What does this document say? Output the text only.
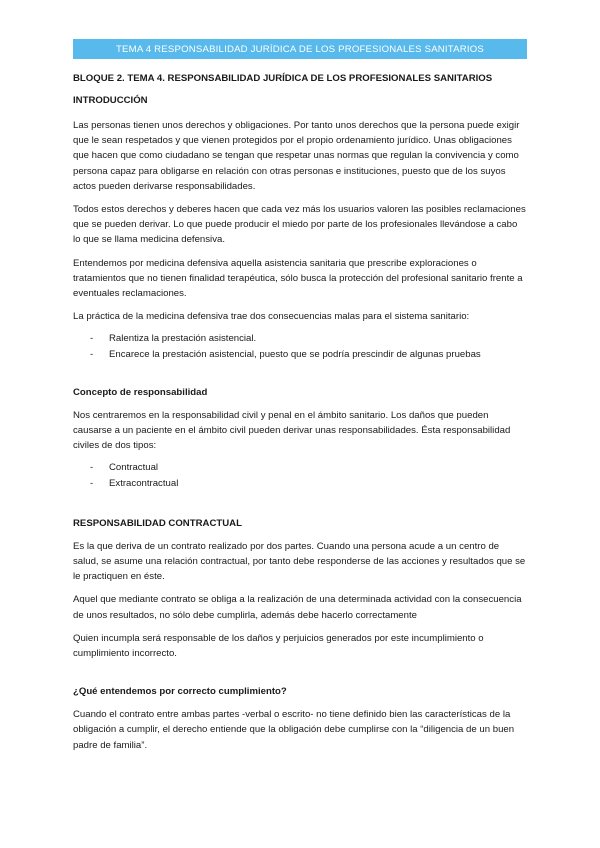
TEMA 4 RESPONSABILIDAD JURÍDICA DE LOS PROFESIONALES SANITARIOS

BLOQUE 2. TEMA 4. RESPONSABILIDAD JURÍDICA DE LOS PROFESIONALES SANITARIOS

INTRODUCCIÓN

Las personas tienen unos derechos y obligaciones. Por tanto unos derechos que la persona puede exigir que le sean respetados y que vienen protegidos por el propio ordenamiento jurídico. Unas obligaciones que hacen que como ciudadano se tengan que respetar unas normas que regulan la convivencia y como persona capaz para obligarse en relación con otras personas e instituciones, puesto que de los suyos actos pueden derivarse responsabilidades.

Todos estos derechos y deberes hacen que cada vez más los usuarios valoren las posibles reclamaciones que se pueden derivar. Lo que puede producir el miedo por parte de los profesionales llevándose a cabo lo que se llama medicina defensiva.

Entendemos por medicina defensiva aquella asistencia sanitaria que prescribe exploraciones o tratamientos que no tienen finalidad terapéutica, sólo busca la protección del profesional sanitario frente a eventuales reclamaciones.

La práctica de la medicina defensiva trae dos consecuencias malas para el sistema sanitario:

- Ralentiza la prestación asistencial.
- Encarece la prestación asistencial, puesto que se podría prescindir de algunas pruebas

Concepto de responsabilidad

Nos centraremos en la responsabilidad civil y penal en el ámbito sanitario. Los daños que pueden causarse a un paciente en el ámbito civil pueden derivar unas responsabilidades. Ésta responsabilidad civiles de dos tipos:

- Contractual
- Extracontractual

RESPONSABILIDAD CONTRACTUAL

Es la que deriva de un contrato realizado por dos partes. Cuando una persona acude a un centro de salud, se asume una relación contractual, por tanto debe responderse de las acciones y resultados que se le practiquen en éste.

Aquel que mediante contrato se obliga a la realización de una determinada actividad con la consecuencia de unos resultados, no sólo debe cumplirla, además debe hacerlo correctamente

Quien incumpla será responsable de los daños y perjuicios generados por este incumplimiento o cumplimiento incorrecto.

¿Qué entendemos por correcto cumplimiento?

Cuando el contrato entre ambas partes -verbal o escrito- no tiene definido bien las características de la obligación a cumplir, el derecho entiende que la obligación debe cumplirse con la “diligencia de un buen padre de familia”.
